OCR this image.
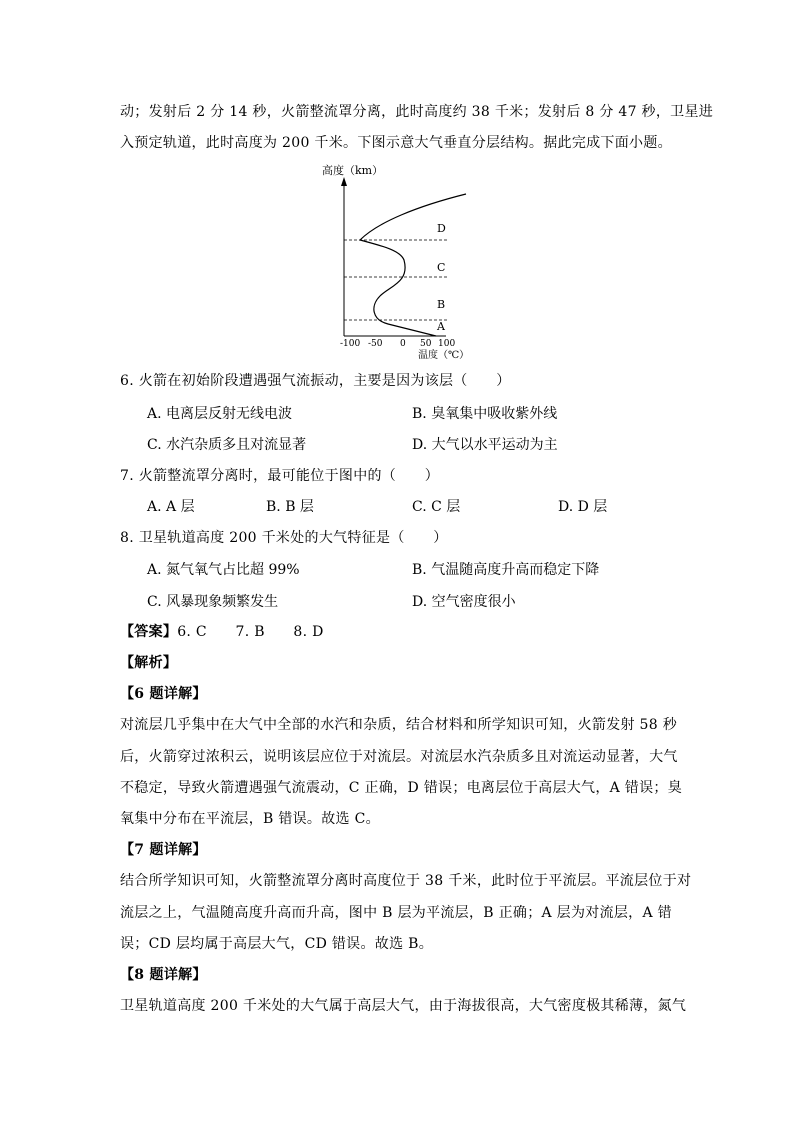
动；发射后 2 分 14 秒，火箭整流罩分离，此时高度约 38 千米；发射后 8 分 47 秒，卫星进
入预定轨道，此时高度为 200 千米。下图示意大气垂直分层结构。据此完成下面小题。
高度（km）
D
C
B
A
-100 -50 0 50 100
温度（℃）
6. 火箭在初始阶段遭遇强气流振动，主要是因为该层（　　）
A. 电离层反射无线电波	B. 臭氧集中吸收紫外线
C. 水汽杂质多且对流显著	D. 大气以水平运动为主
7. 火箭整流罩分离时，最可能位于图中的（　　）
A. A 层	B. B 层	C. C 层	D. D 层
8. 卫星轨道高度 200 千米处的大气特征是（　　）
A. 氮气氧气占比超 99%	B. 气温随高度升高而稳定下降
C. 风暴现象频繁发生	D. 空气密度很小
【答案】6. C　　7. B　　8. D
【解析】
【6 题详解】
对流层几乎集中在大气中全部的水汽和杂质，结合材料和所学知识可知，火箭发射 58 秒
后，火箭穿过浓积云，说明该层应位于对流层。对流层水汽杂质多且对流运动显著，大气
不稳定，导致火箭遭遇强气流震动，C 正确，D 错误；电离层位于高层大气，A 错误；臭
氧集中分布在平流层，B 错误。故选 C。
【7 题详解】
结合所学知识可知，火箭整流罩分离时高度位于 38 千米，此时位于平流层。平流层位于对
流层之上，气温随高度升高而升高，图中 B 层为平流层，B 正确；A 层为对流层，A 错
误；CD 层均属于高层大气，CD 错误。故选 B。
【8 题详解】
卫星轨道高度 200 千米处的大气属于高层大气，由于海拔很高，大气密度极其稀薄，氮气
